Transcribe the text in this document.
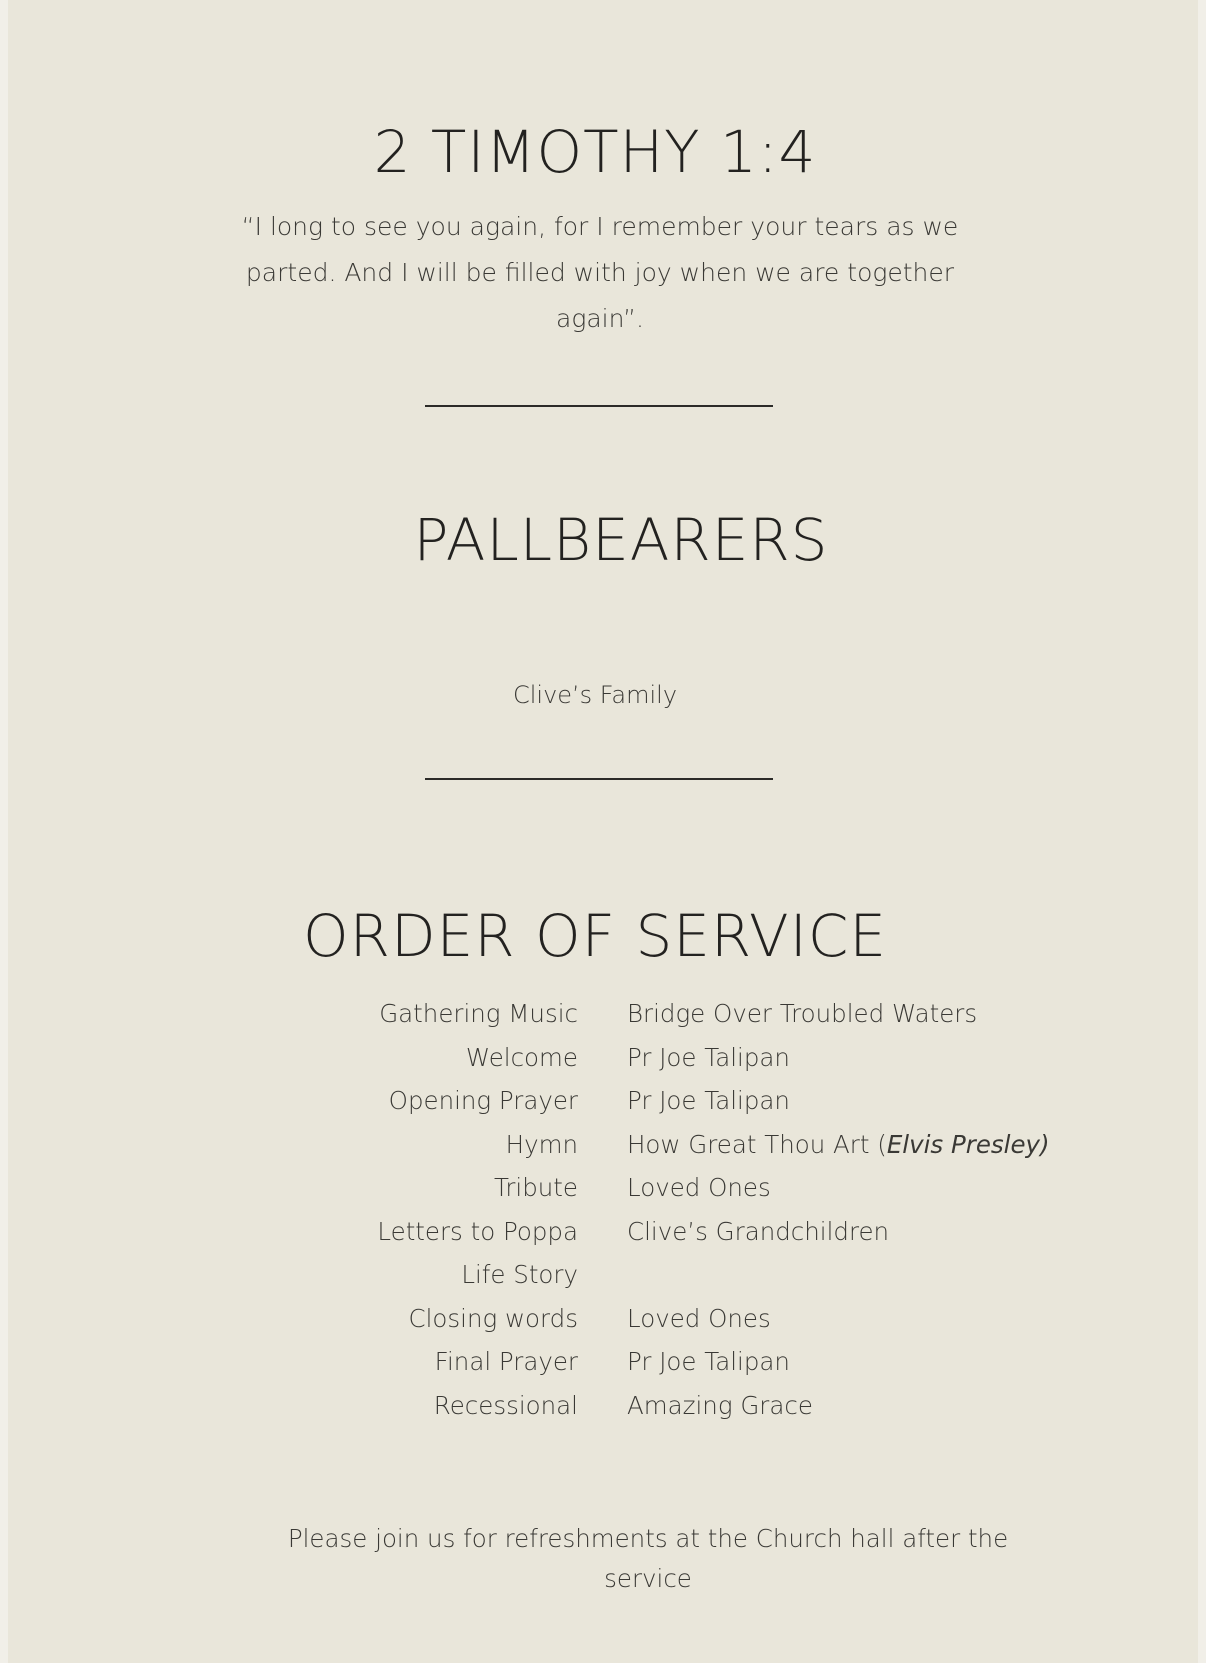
2 TIMOTHY 1:4

“I long to see you again, for I remember your tears as we parted. And I will be filled with joy when we are together again”.

PALLBEARERS

Clive’s Family

ORDER OF SERVICE
Gathering Music Bridge Over Troubled Waters
Welcome Pr Joe Talipan
Opening Prayer Pr Joe Talipan
Hymn How Great Thou Art (Elvis Presley)
Tribute Loved Ones
Letters to Poppa Clive’s Grandchildren
Life Story
Closing words Loved Ones
Final Prayer Pr Joe Talipan
Recessional Amazing Grace

Please join us for refreshments at the Church hall after the service
